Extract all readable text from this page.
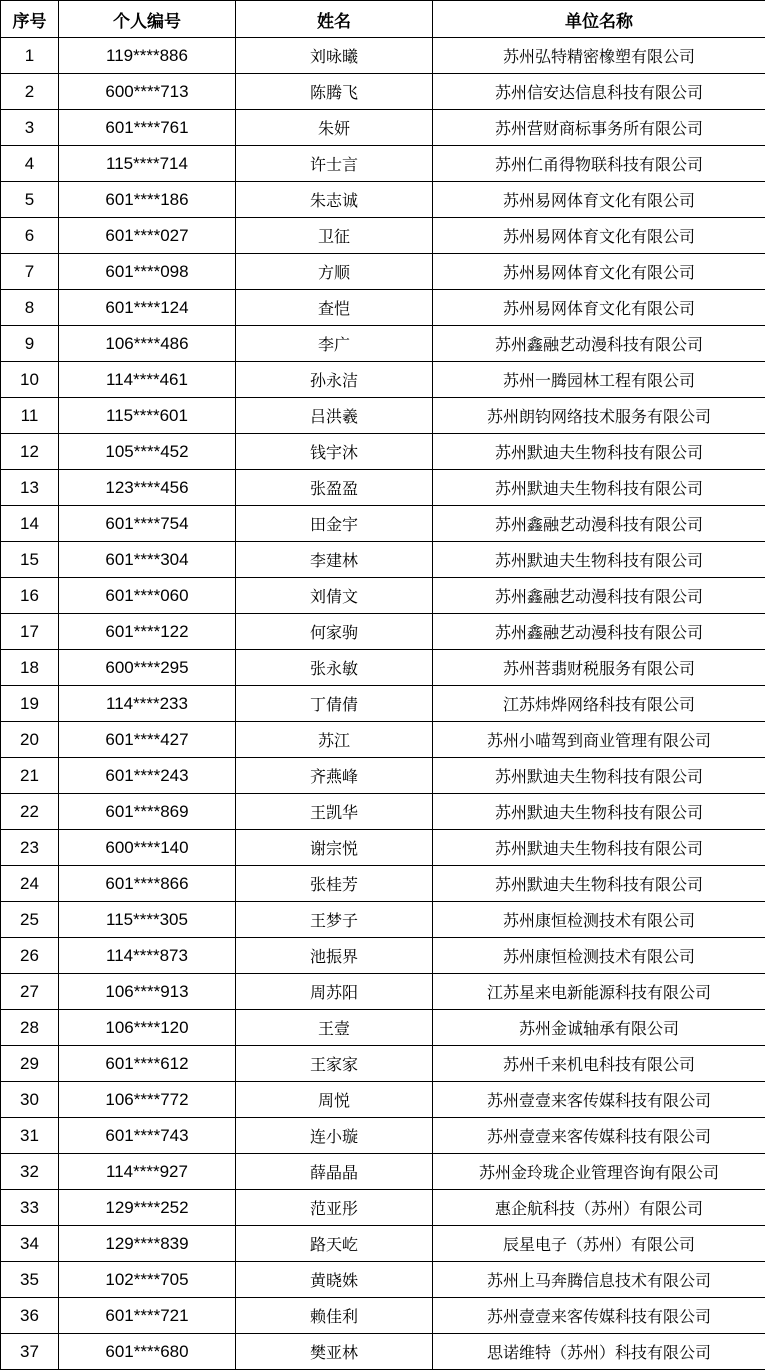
序号	个人编号	姓名	单位名称
1	119****886	刘咏曦	苏州弘特精密橡塑有限公司
2	600****713	陈腾飞	苏州信安达信息科技有限公司
3	601****761	朱妍	苏州营财商标事务所有限公司
4	115****714	许士言	苏州仁甬得物联科技有限公司
5	601****186	朱志诚	苏州易网体育文化有限公司
6	601****027	卫征	苏州易网体育文化有限公司
7	601****098	方顺	苏州易网体育文化有限公司
8	601****124	查恺	苏州易网体育文化有限公司
9	106****486	李广	苏州鑫融艺动漫科技有限公司
10	114****461	孙永洁	苏州一腾园林工程有限公司
11	115****601	吕洪羲	苏州朗钧网络技术服务有限公司
12	105****452	钱宇沐	苏州默迪夫生物科技有限公司
13	123****456	张盈盈	苏州默迪夫生物科技有限公司
14	601****754	田金宇	苏州鑫融艺动漫科技有限公司
15	601****304	李建林	苏州默迪夫生物科技有限公司
16	601****060	刘倩文	苏州鑫融艺动漫科技有限公司
17	601****122	何家驹	苏州鑫融艺动漫科技有限公司
18	600****295	张永敏	苏州菩翡财税服务有限公司
19	114****233	丁倩倩	江苏炜烨网络科技有限公司
20	601****427	苏江	苏州小喵驾到商业管理有限公司
21	601****243	齐燕峰	苏州默迪夫生物科技有限公司
22	601****869	王凯华	苏州默迪夫生物科技有限公司
23	600****140	谢宗悦	苏州默迪夫生物科技有限公司
24	601****866	张桂芳	苏州默迪夫生物科技有限公司
25	115****305	王梦子	苏州康恒检测技术有限公司
26	114****873	池振界	苏州康恒检测技术有限公司
27	106****913	周苏阳	江苏星来电新能源科技有限公司
28	106****120	王壹	苏州金诚轴承有限公司
29	601****612	王家家	苏州千来机电科技有限公司
30	106****772	周悦	苏州壹壹来客传媒科技有限公司
31	601****743	连小璇	苏州壹壹来客传媒科技有限公司
32	114****927	薛晶晶	苏州金玲珑企业管理咨询有限公司
33	129****252	范亚彤	惠企航科技（苏州）有限公司
34	129****839	路天屹	辰星电子（苏州）有限公司
35	102****705	黄晓姝	苏州上马奔腾信息技术有限公司
36	601****721	赖佳利	苏州壹壹来客传媒科技有限公司
37	601****680	樊亚林	思诺维特（苏州）科技有限公司
